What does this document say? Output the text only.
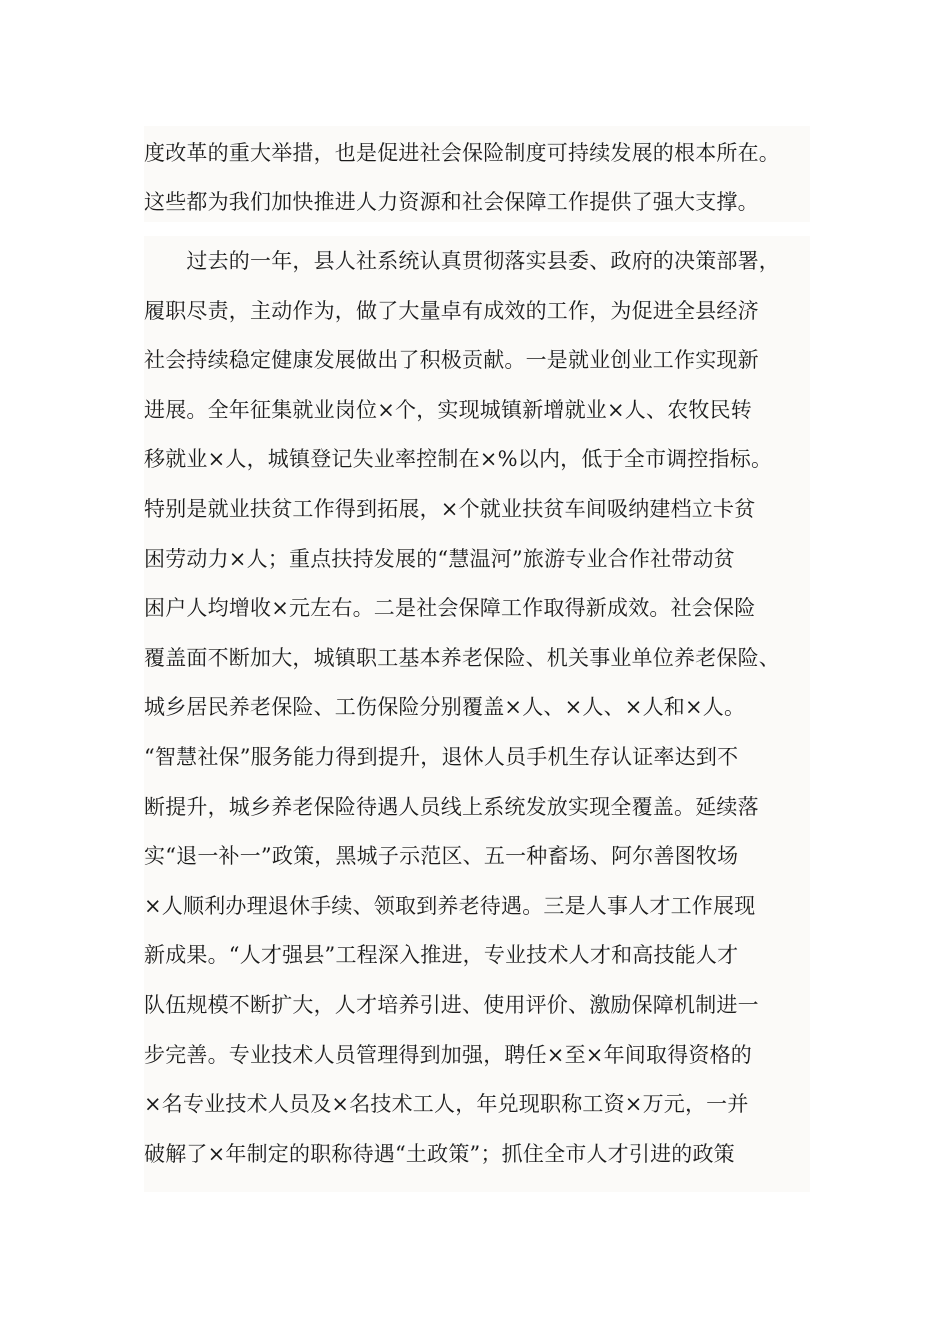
度改革的重大举措，也是促进社会保险制度可持续发展的根本所在。
这些都为我们加快推进人力资源和社会保障工作提供了强大支撑。
　　过去的一年，县人社系统认真贯彻落实县委、政府的决策部署，
履职尽责，主动作为，做了大量卓有成效的工作，为促进全县经济
社会持续稳定健康发展做出了积极贡献。一是就业创业工作实现新
进展。全年征集就业岗位×个，实现城镇新增就业×人、农牧民转
移就业×人，城镇登记失业率控制在×%以内，低于全市调控指标。
特别是就业扶贫工作得到拓展，×个就业扶贫车间吸纳建档立卡贫
困劳动力×人；重点扶持发展的“慧温河”旅游专业合作社带动贫
困户人均增收×元左右。二是社会保障工作取得新成效。社会保险
覆盖面不断加大，城镇职工基本养老保险、机关事业单位养老保险、
城乡居民养老保险、工伤保险分别覆盖×人、×人、×人和×人。
“智慧社保”服务能力得到提升，退休人员手机生存认证率达到不
断提升，城乡养老保险待遇人员线上系统发放实现全覆盖。延续落
实“退一补一”政策，黑城子示范区、五一种畜场、阿尔善图牧场
×人顺利办理退休手续、领取到养老待遇。三是人事人才工作展现
新成果。“人才强县”工程深入推进，专业技术人才和高技能人才
队伍规模不断扩大，人才培养引进、使用评价、激励保障机制进一
步完善。专业技术人员管理得到加强，聘任×至×年间取得资格的
×名专业技术人员及×名技术工人，年兑现职称工资×万元，一并
破解了×年制定的职称待遇“土政策”；抓住全市人才引进的政策
